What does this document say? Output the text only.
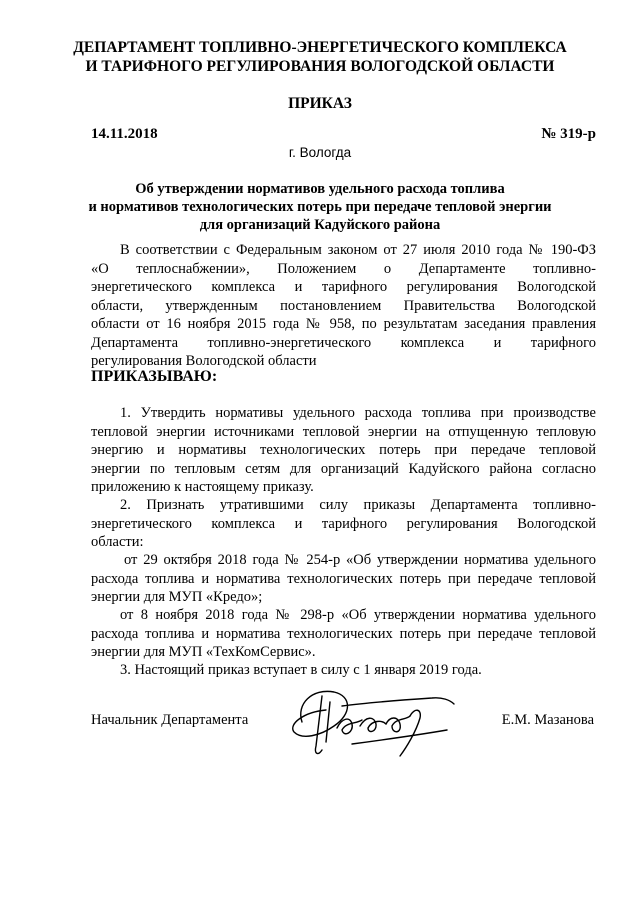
ДЕПАРТАМЕНТ ТОПЛИВНО-ЭНЕРГЕТИЧЕСКОГО КОМПЛЕКСА
И ТАРИФНОГО РЕГУЛИРОВАНИЯ ВОЛОГОДСКОЙ ОБЛАСТИ
ПРИКАЗ
14.11.2018	№ 319-р
г. Вологда
Об утверждении нормативов удельного расхода топлива
и нормативов технологических потерь при передаче тепловой энергии
для организаций Кадуйского района
В соответствии с Федеральным законом от 27 июля 2010 года № 190-ФЗ
«О теплоснабжении», Положением о Департаменте топливно-
энергетического комплекса и тарифного регулирования Вологодской
области, утвержденным постановлением Правительства Вологодской
области от 16 ноября 2015 года № 958, по результатам заседания правления
Департамента топливно-энергетического комплекса и тарифного
регулирования Вологодской области
ПРИКАЗЫВАЮ:
1. Утвердить нормативы удельного расхода топлива при производстве
тепловой энергии источниками тепловой энергии на отпущенную тепловую
энергию и нормативы технологических потерь при передаче тепловой
энергии по тепловым сетям для организаций Кадуйского района согласно
приложению к настоящему приказу.
2. Признать утратившими силу приказы Департамента топливно-
энергетического комплекса и тарифного регулирования Вологодской
области:
от 29 октября 2018 года № 254-р «Об утверждении норматива удельного
расхода топлива и норматива технологических потерь при передаче тепловой
энергии для МУП «Кредо»;
от 8 ноября 2018 года № 298-р «Об утверждении норматива удельного
расхода топлива и норматива технологических потерь при передаче тепловой
энергии для МУП «ТехКомСервис».
3. Настоящий приказ вступает в силу с 1 января 2019 года.
Начальник Департамента	Е.М. Мазанова
